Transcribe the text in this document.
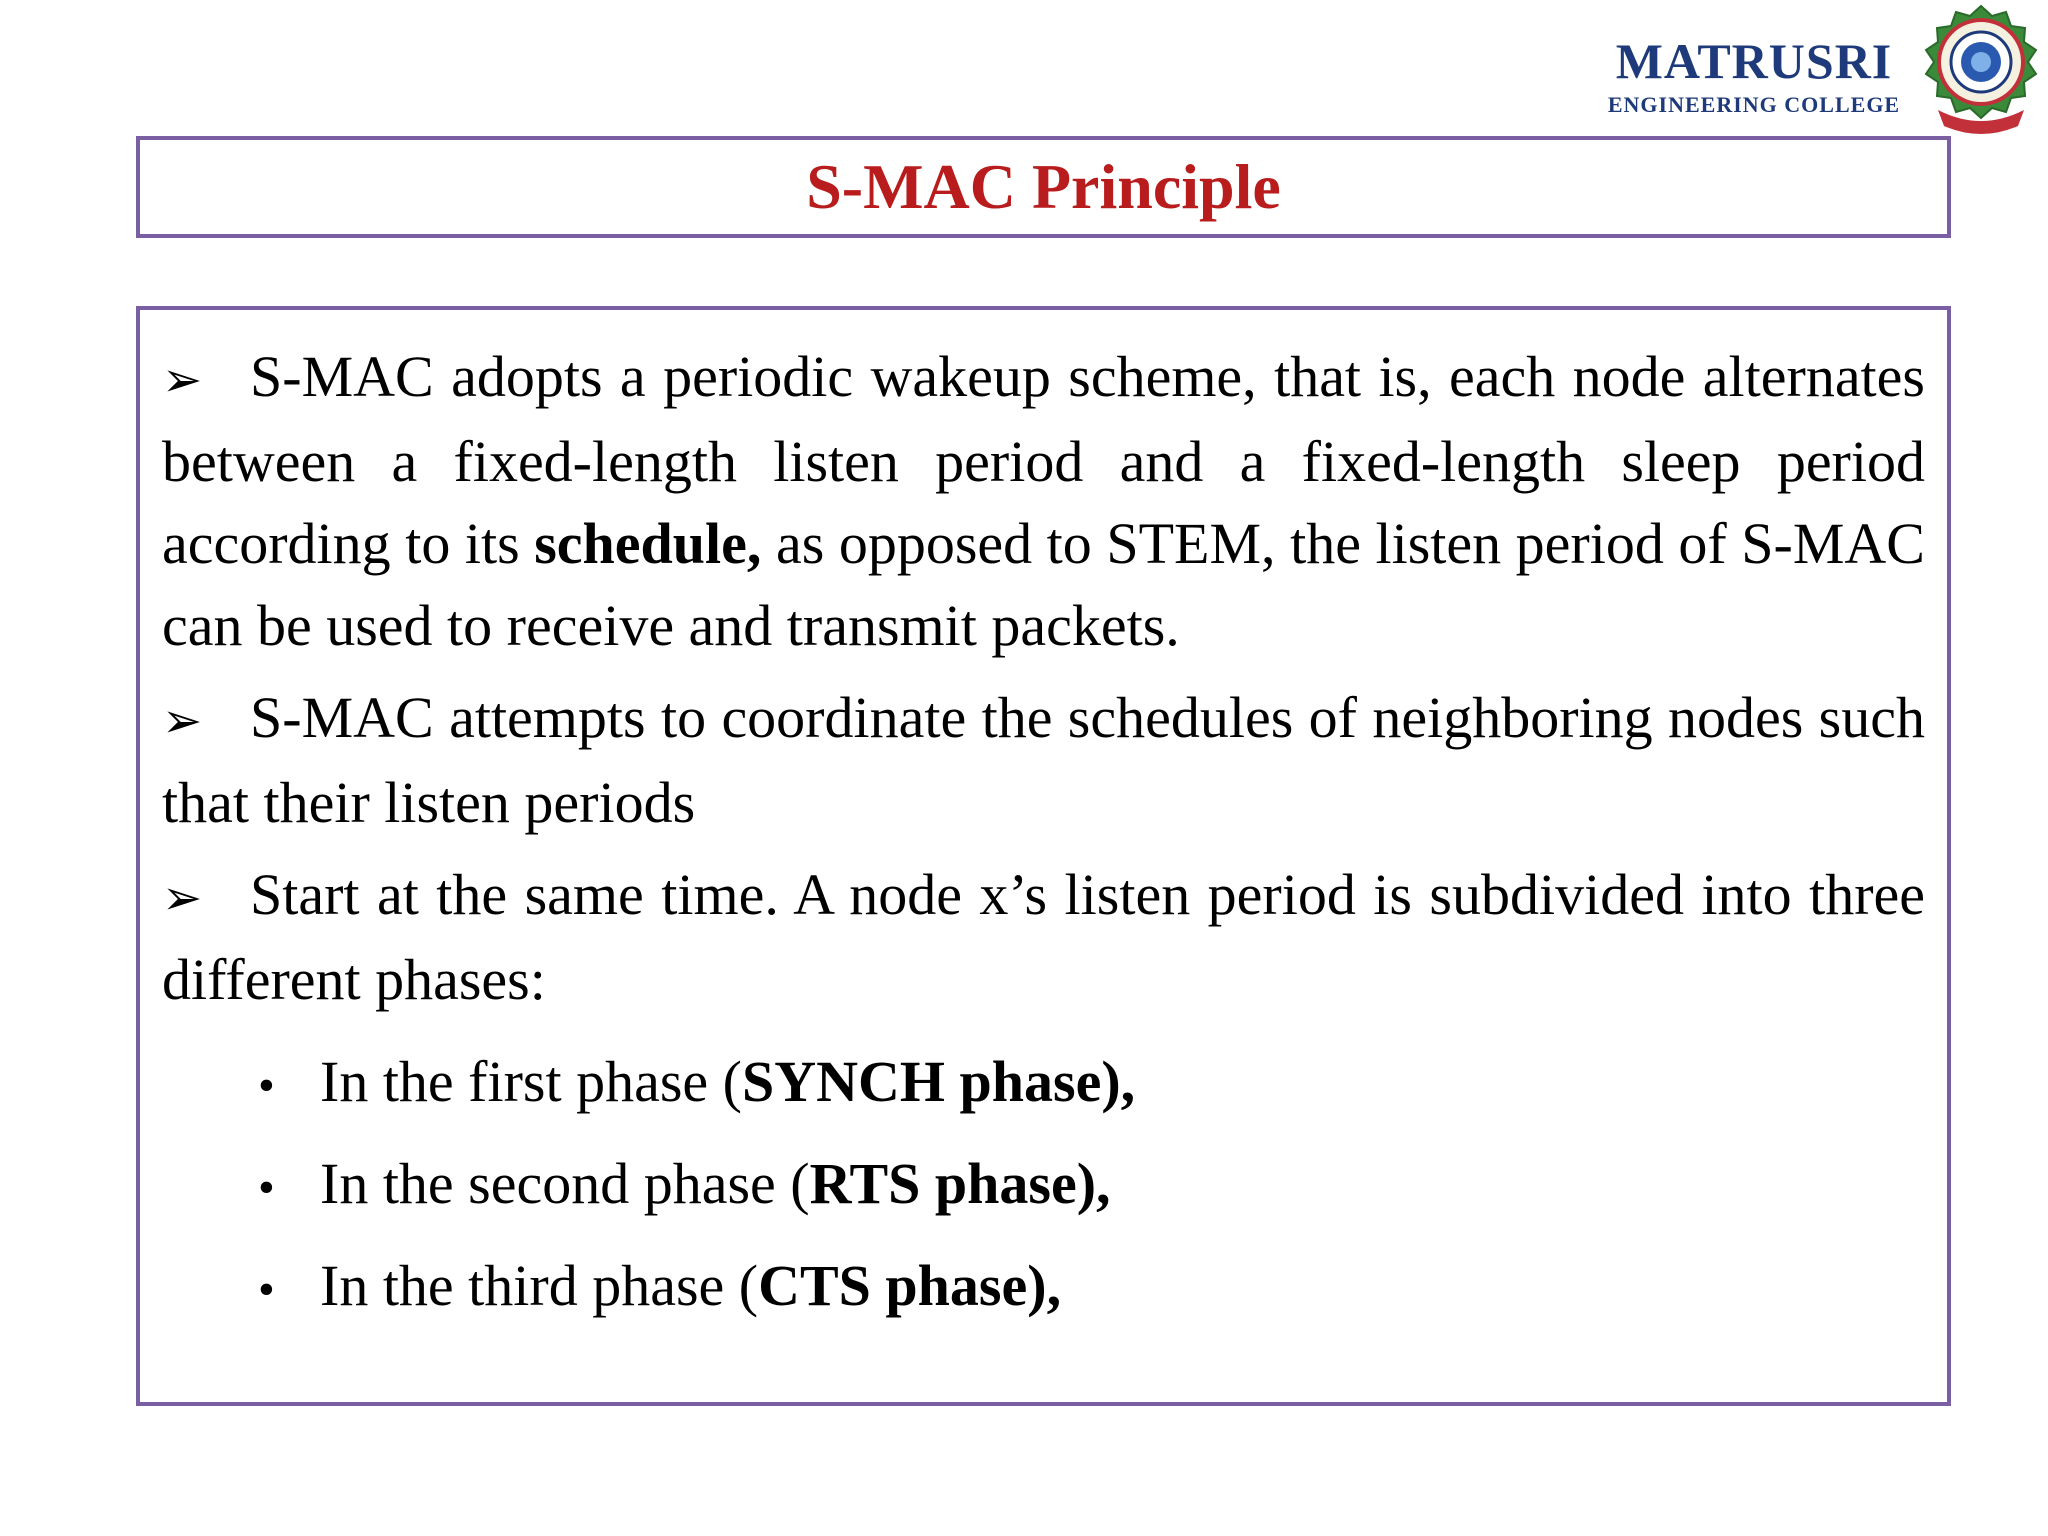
MATRUSRI
ENGINEERING COLLEGE
S-MAC Principle

➢ S-MAC adopts a periodic wakeup scheme, that is, each node alternates between a fixed-length listen period and a fixed-length sleep period according to its schedule, as opposed to STEM, the listen period of S-MAC can be used to receive and transmit packets.

➢ S-MAC attempts to coordinate the schedules of neighboring nodes such that their listen periods

➢ Start at the same time. A node x’s listen period is subdivided into three different phases:

• In the first phase (SYNCH phase),
• In the second phase (RTS phase),
• In the third phase (CTS phase),
